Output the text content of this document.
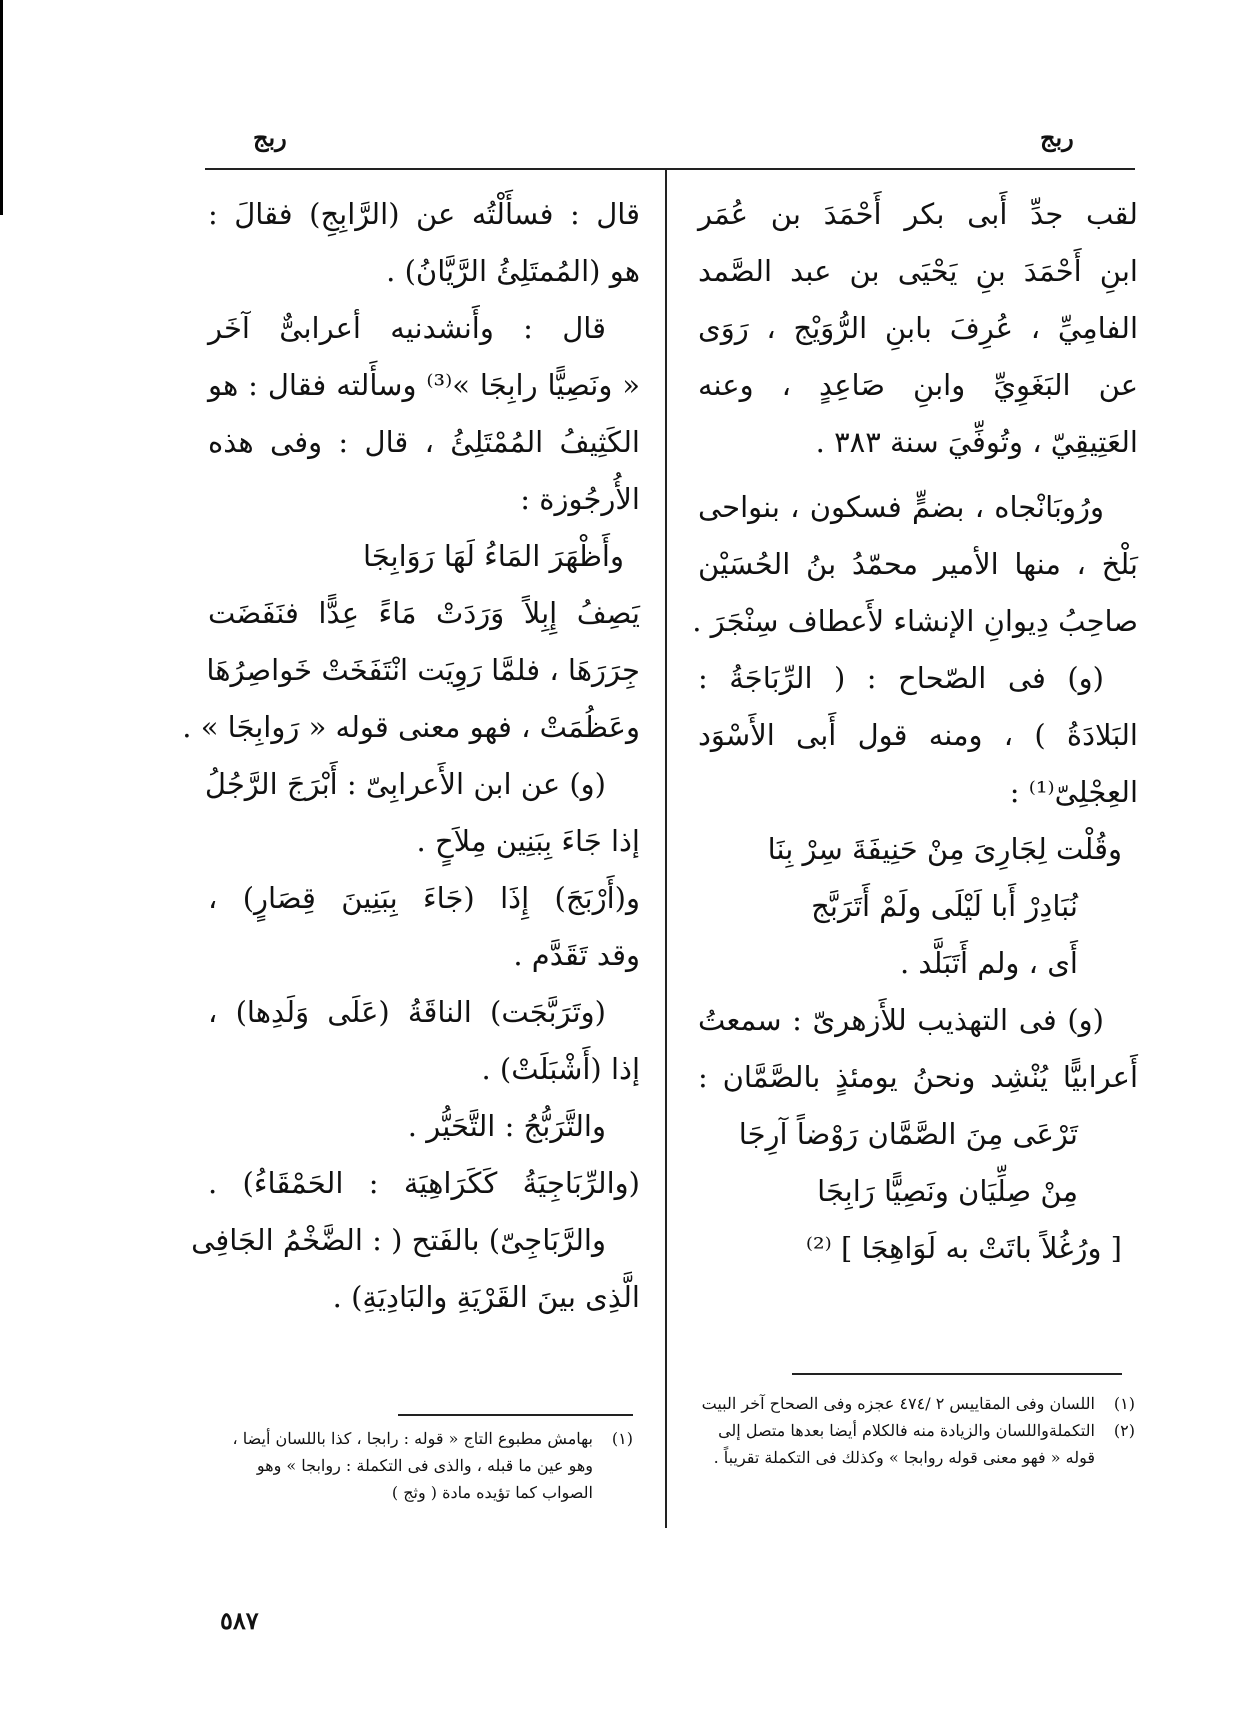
ربج
ربج
لقب جدِّ أَبى بكر أَحْمَدَ بن عُمَر
ابنِ أَحْمَدَ بنِ يَحْيَى بن عبد الصَّمد
الفامِيِّ ، عُرِفَ بابنِ الرُّوَيْج ، رَوَى
عن البَغَوِيِّ وابنِ صَاعِدٍ ، وعنه
العَتِيقِيّ ، وتُوفِّيَ سنة ٣٨٣ .
ورُوبَانْجاه ، بضمٍّ فسكون ، بنواحى
بَلْخ ، منها الأمير محمّدُ بنُ الحُسَيْن
صاحِبُ دِيوانِ الإنشاء لأَعطاف سِنْجَرَ .
(و) فى الصّحاح : ( الرِّبَاجَةُ :
البَلادَةُ ) ، ومنه قول أَبى الأَسْوَد
العِجْلِىّ⁽¹⁾ :
وقُلْت لِجَارِىَ مِنْ حَنِيفَةَ سِرْ بِنَا
نُبَادِرْ أَبا لَيْلَى ولَمْ أَتَرَبَّج
أَى ، ولم أَتَبَلَّد .
(و) فى التهذيب للأَزهرىّ : سمعتُ
أَعرابيًّا يُنْشِد ونحنُ يومئذٍ بالصَّمَّان :
تَرْعَى مِنَ الصَّمَّان رَوْضاً آرِجَا
مِنْ صِلِّيَان ونَصِيًّا رَابِجَا
[ ورُغُلاً باتَتْ به لَوَاهِجَا ] ⁽²⁾
قال : فسأَلْتُه عن (الرَّابِجِ) فقالَ :
هو (المُمتَلِئُ الرَّيَّانُ) .
قال : وأَنشدنيه أعرابىٌّ آخَر
« ونَصِيًّا رابِجَا »⁽³⁾ وسأَلته فقال : هو
الكَثِيفُ المُمْتَلِئُ ، قال : وفى هذه
الأُرجُوزة :
وأَظْهَرَ المَاءُ لَهَا رَوَابِجَا
يَصِفُ إِبِلاً وَرَدَتْ مَاءً عِدًّا فنَفَضَت
جِرَرَهَا ، فلمَّا رَوِيَت انْتَفَخَتْ خَواصِرُهَا
وعَظُمَتْ ، فهو معنى قوله « رَوابِجَا » .
(و) عن ابن الأَعرابِىّ : أَبْرَجَ الرَّجُلُ
إذا جَاءَ بِبَنِين مِلاَحٍ .
و(أَرْبَجَ) إِذَا (جَاءَ بِبَنِينَ قِصَارٍ) ،
وقد تَقَدَّم .
(وتَرَبَّجَت) الناقَةُ (عَلَى وَلَدِها) ،
إذا (أَشْبَلَتْ) .
والتَّرَبُّجُ : التَّحَيُّر .
(والرِّبَاجِيَةُ كَكَرَاهِيَة : الحَمْقَاءُ) .
والرَّبَاجِىّ) بالفَتح ( : الضَّخْمُ الجَافِى
الَّذِى بينَ القَرْيَةِ والبَادِيَةِ) .
(١)
اللسان وفى المقاييس ٢ /٤٧٤ عجزه وفى الصحاح آخر البيت
(٢)
التكملةواللسان والزيادة منه فالكلام أيضا بعدها متصل إلى قوله « فهو معنى قوله روابجا » وكذلك فى التكملة تقريباً .
(١)
بهامش مطبوع التاج « قوله : رابجا ، كذا باللسان أيضا ، وهو عين ما قبله ، والذى فى التكملة : روابجا » وهو الصواب كما تؤيده مادة ( وثج )
٥٨٧
